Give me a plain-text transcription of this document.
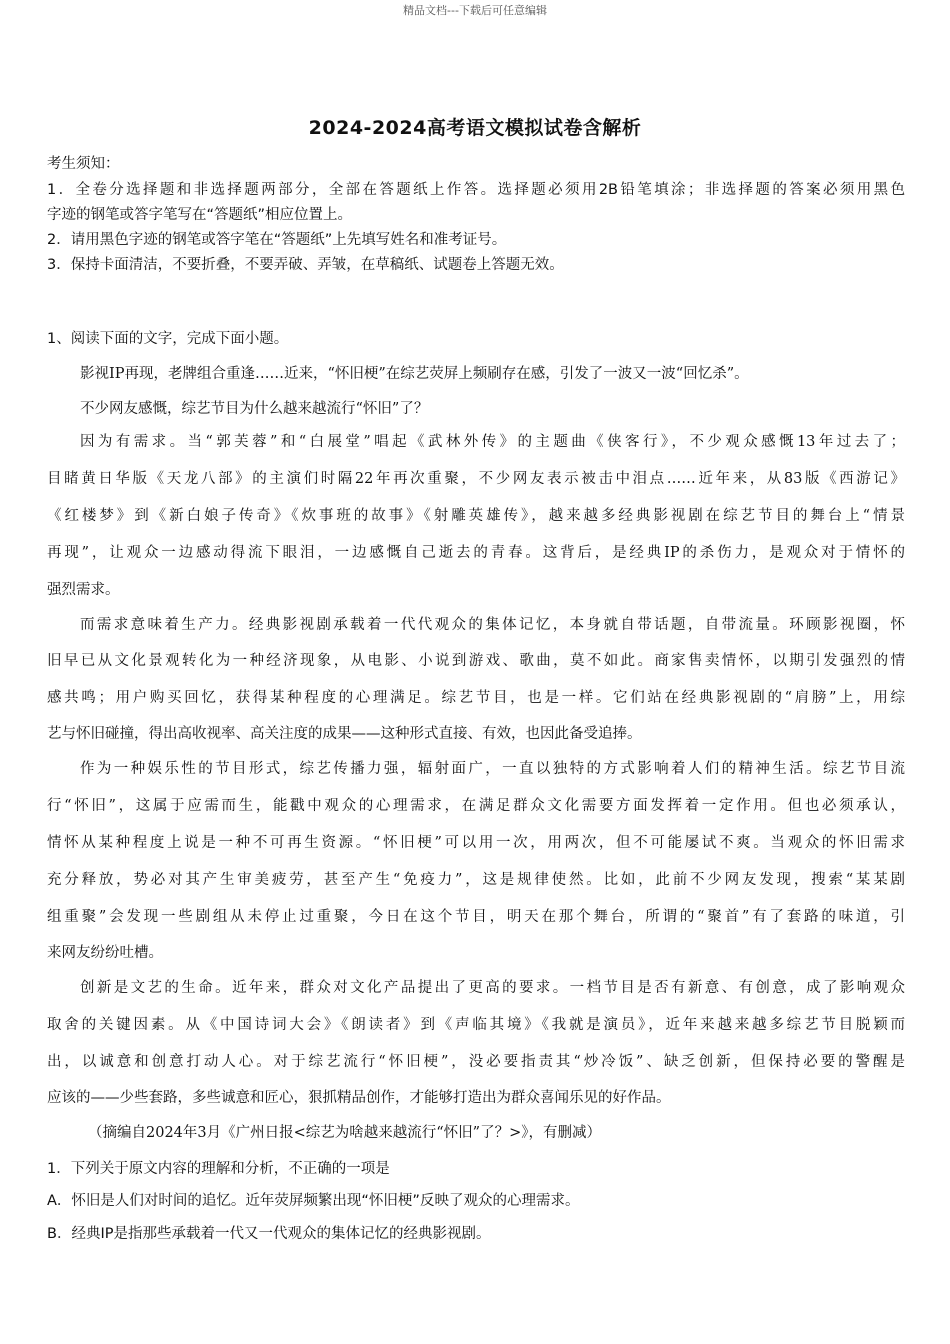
精品文档---下载后可任意编辑
2024-2024高考语文模拟试卷含解析
考生须知：
1．全卷分选择题和非选择题两部分，全部在答题纸上作答。选择题必须用2B铅笔填涂；非选择题的答案必须用黑色
字迹的钢笔或答字笔写在“答题纸”相应位置上。
2．请用黑色字迹的钢笔或答字笔在“答题纸”上先填写姓名和准考证号。
3．保持卡面清洁，不要折叠，不要弄破、弄皱，在草稿纸、试题卷上答题无效。
1、阅读下面的文字，完成下面小题。
影视IP再现，老牌组合重逢……近来，“怀旧梗”在综艺荧屏上频刷存在感，引发了一波又一波“回忆杀”。
不少网友感慨，综艺节目为什么越来越流行“怀旧”了？
因为有需求。当“郭芙蓉”和“白展堂”唱起《武林外传》的主题曲《侠客行》，不少观众感慨13年过去了；
目睹黄日华版《天龙八部》的主演们时隔22年再次重聚，不少网友表示被击中泪点……近年来，从83版《西游记》
《红楼梦》到《新白娘子传奇》《炊事班的故事》《射雕英雄传》，越来越多经典影视剧在综艺节目的舞台上“情景
再现”，让观众一边感动得流下眼泪，一边感慨自己逝去的青春。这背后，是经典IP的杀伤力，是观众对于情怀的
强烈需求。
而需求意味着生产力。经典影视剧承载着一代代观众的集体记忆，本身就自带话题，自带流量。环顾影视圈，怀
旧早已从文化景观转化为一种经济现象，从电影、小说到游戏、歌曲，莫不如此。商家售卖情怀，以期引发强烈的情
感共鸣；用户购买回忆，获得某种程度的心理满足。综艺节目，也是一样。它们站在经典影视剧的“肩膀”上，用综
艺与怀旧碰撞，得出高收视率、高关注度的成果——这种形式直接、有效，也因此备受追捧。
作为一种娱乐性的节目形式，综艺传播力强，辐射面广，一直以独特的方式影响着人们的精神生活。综艺节目流
行“怀旧”，这属于应需而生，能戳中观众的心理需求，在满足群众文化需要方面发挥着一定作用。但也必须承认，
情怀从某种程度上说是一种不可再生资源。“怀旧梗”可以用一次，用两次，但不可能屡试不爽。当观众的怀旧需求
充分释放，势必对其产生审美疲劳，甚至产生“免疫力”，这是规律使然。比如，此前不少网友发现，搜索“某某剧
组重聚”会发现一些剧组从未停止过重聚，今日在这个节目，明天在那个舞台，所谓的“聚首”有了套路的味道，引
来网友纷纷吐槽。
创新是文艺的生命。近年来，群众对文化产品提出了更高的要求。一档节目是否有新意、有创意，成了影响观众
取舍的关键因素。从《中国诗词大会》《朗读者》到《声临其境》《我就是演员》，近年来越来越多综艺节目脱颖而
出，以诚意和创意打动人心。对于综艺流行“怀旧梗”，没必要指责其“炒冷饭”、缺乏创新，但保持必要的警醒是
应该的——少些套路，多些诚意和匠心，狠抓精品创作，才能够打造出为群众喜闻乐见的好作品。
（摘编自2024年3月《广州日报<综艺为啥越来越流行“怀旧”了？>》，有删减）
1．下列关于原文内容的理解和分析，不正确的一项是
A．怀旧是人们对时间的追忆。近年荧屏频繁出现“怀旧梗”反映了观众的心理需求。
B．经典IP是指那些承载着一代又一代观众的集体记忆的经典影视剧。
